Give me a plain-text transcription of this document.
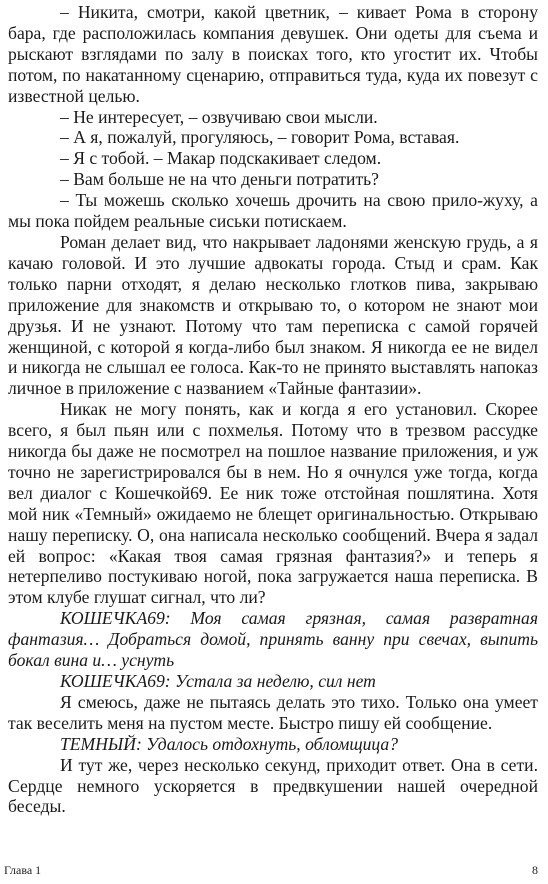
– Никита, смотри, какой цветник, – кивает Рома в сторону бара, где расположилась компания девушек. Они одеты для съема и рыскают взглядами по залу в поисках того, кто угостит их. Чтобы потом, по накатанному сценарию, отправиться туда, куда их повезут с известной целью.

– Не интересует, – озвучиваю свои мысли.

– А я, пожалуй, прогуляюсь, – говорит Рома, вставая.

– Я с тобой. – Макар подскакивает следом.

– Вам больше не на что деньги потратить?

– Ты можешь сколько хочешь дрочить на свою прило-жуху, а мы пока пойдем реальные сиськи потискаем.

Роман делает вид, что накрывает ладонями женскую грудь, а я качаю головой. И это лучшие адвокаты города. Стыд и срам. Как только парни отходят, я делаю несколько глотков пива, закрываю приложение для знакомств и открываю то, о котором не знают мои друзья. И не узнают. Потому что там переписка с самой горячей женщиной, с которой я когда-либо был знаком. Я никогда ее не видел и никогда не слышал ее голоса. Как-то не принято выставлять напоказ личное в приложение с названием «Тайные фантазии».

Никак не могу понять, как и когда я его установил. Скорее всего, я был пьян или с похмелья. Потому что в трезвом рассудке никогда бы даже не посмотрел на пошлое название приложения, и уж точно не зарегистрировался бы в нем. Но я очнулся уже тогда, когда вел диалог с Кошечкой69. Ее ник тоже отстойная пошлятина. Хотя мой ник «Темный» ожидаемо не блещет оригинальностью. Открываю нашу переписку. О, она написала несколько сообщений. Вчера я задал ей вопрос: «Какая твоя самая грязная фантазия?» и теперь я нетерпеливо постукиваю ногой, пока загружается наша переписка. В этом клубе глушат сигнал, что ли?

КОШЕЧКА69: Моя самая грязная, самая развратная фантазия… Добраться домой, принять ванну при свечах, выпить бокал вина и… уснуть

КОШЕЧКА69: Устала за неделю, сил нет

Я смеюсь, даже не пытаясь делать это тихо. Только она умеет так веселить меня на пустом месте. Быстро пишу ей сообщение.

ТЕМНЫЙ: Удалось отдохнуть, обломщица?

И тут же, через несколько секунд, приходит ответ. Она в сети. Сердце немного ускоряется в предвкушении нашей очередной беседы.

Глава 1	8
